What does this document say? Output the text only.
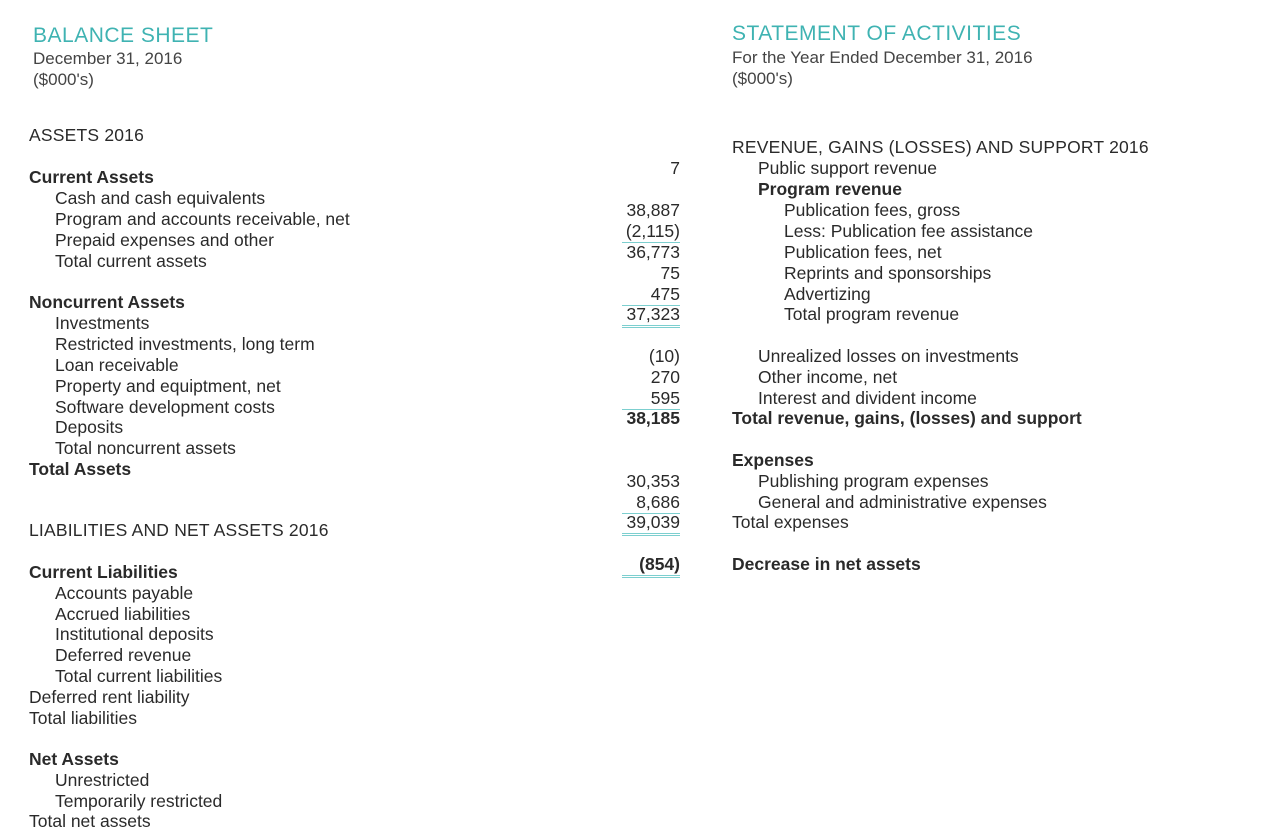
BALANCE SHEET
December 31, 2016
($000's)
ASSETS 2016
Current Assets
Cash and cash equivalents
Program and accounts receivable, net
Prepaid expenses and other
Total current assets
Noncurrent Assets
Investments
Restricted investments, long term
Loan receivable
Property and equiptment, net
Software development costs
Deposits
Total noncurrent assets
Total Assets
LIABILITIES AND NET ASSETS 2016
Current Liabilities
Accounts payable
Accrued liabilities
Institutional deposits
Deferred revenue
Total current liabilities
Deferred rent liability
Total liabilities
Net Assets
Unrestricted
Temporarily restricted
Total net assets
STATEMENT OF ACTIVITIES
For the Year Ended December 31, 2016
($000's)
REVENUE, GAINS (LOSSES) AND SUPPORT 2016
Public support revenue
7
Program revenue
Publication fees, gross
38,887
Less: Publication fee assistance
(2,115)
Publication fees, net
36,773
Reprints and sponsorships
75
Advertizing
475
Total program revenue
37,323
Unrealized losses on investments
(10)
Other income, net
270
Interest and divident income
595
Total revenue, gains, (losses) and support
38,185
Expenses
Publishing program expenses
30,353
General and administrative expenses
8,686
Total expenses
39,039
Decrease in net assets
(854)
